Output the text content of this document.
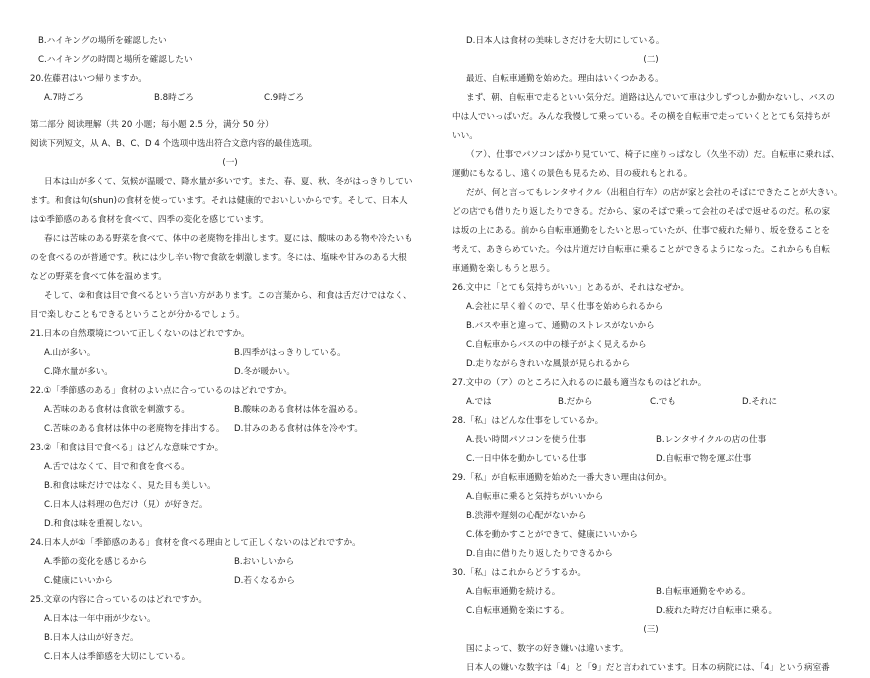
B.ハイキングの場所を確認したい
C.ハイキングの時間と場所を確認したい
20.佐藤君はいつ帰りますか。
A.7時ごろ	B.8時ごろ	C.9時ごろ
第二部分 阅读理解（共 20 小题；每小题 2.5 分，满分 50 分）
阅读下列短文，从 A、B、C、D 4 个选项中选出符合文意内容的最佳选项。
(一)
日本は山が多くて、気候が温暖で、降水量が多いです。また、春、夏、秋、冬がはっきりしてい
ます。和食は旬(shun)の食材を使っています。それは健康的でおいしいからです。そして、日本人
は①季節感のある食材を食べて、四季の変化を感じています。
春には苦味のある野菜を食べて、体中の老廃物を排出します。夏には、酸味のある物や冷たいも
のを食べるのが普通です。秋には少し辛い物で食欲を刺激します。冬には、塩味や甘みのある大根
などの野菜を食べて体を温めます。
そして、②和食は目で食べるという言い方があります。この言葉から、和食は舌だけではなく、
目で楽しむこともできるということが分かるでしょう。
21.日本の自然環境について正しくないのはどれですか。
A.山が多い。	B.四季がはっきりしている。
C.降水量が多い。	D.冬が暖かい。
22.①「季節感のある」食材のよい点に合っているのはどれですか。
A.苦味のある食材は食欲を刺激する。	B.酸味のある食材は体を温める。
C.苦味のある食材は体中の老廃物を排出する。	D.甘みのある食材は体を冷やす。
23.②「和食は目で食べる」はどんな意味ですか。
A.舌ではなくて、目で和食を食べる。
B.和食は味だけではなく、見た目も美しい。
C.日本人は料理の色だけ（見）が好きだ。
D.和食は味を重視しない。
24.日本人が①「季節感のある」食材を食べる理由として正しくないのはどれですか。
A.季節の変化を感じるから	B.おいしいから
C.健康にいいから	D.若くなるから
25.文章の内容に合っているのはどれですか。
A.日本は一年中雨が少ない。
B.日本人は山が好きだ。
C.日本人は季節感を大切にしている。
D.日本人は食材の美味しさだけを大切にしている。
(二)
最近、自転車通勤を始めた。理由はいくつかある。
まず、朝、自転車で走るといい気分だ。道路は込んでいて車は少しずつしか動かないし、バスの
中は人でいっぱいだ。みんな我慢して乗っている。その横を自転車で走っていくととても気持ちが
いい。
（ア）、仕事でパソコンばかり見ていて、椅子に座りっぱなし（久坐不动）だ。自転車に乗れば、
運動にもなるし、遠くの景色も見るため、目の疲れもとれる。
だが、何と言ってもレンタサイクル（出租自行车）の店が家と会社のそばにできたことが大きい。
どの店でも借りたり返したりできる。だから、家のそばで乗って会社のそばで返せるのだ。私の家
は坂の上にある。前から自転車通勤をしたいと思っていたが、仕事で疲れた帰り、坂を登ることを
考えて、あきらめていた。今は片道だけ自転車に乗ることができるようになった。これからも自転
車通勤を楽しもうと思う。
26.文中に「とても気持ちがいい」とあるが、それはなぜか。
A.会社に早く着くので、早く仕事を始められるから
B.バスや車と違って、通勤のストレスがないから
C.自転車からバスの中の様子がよく見えるから
D.走りながらきれいな風景が見られるから
27.文中の（ア）のところに入れるのに最も適当なものはどれか。
A.では	B.だから	C.でも	D.それに
28.「私」はどんな仕事をしているか。
A.長い時間パソコンを使う仕事	B.レンタサイクルの店の仕事
C.一日中体を動かしている仕事	D.自転車で物を運ぶ仕事
29.「私」が自転車通勤を始めた一番大きい理由は何か。
A.自転車に乗ると気持ちがいいから
B.渋滞や遅刻の心配がないから
C.体を動かすことができて、健康にいいから
D.自由に借りたり返したりできるから
30.「私」はこれからどうするか。
A.自転車通勤を続ける。	B.自転車通勤をやめる。
C.自転車通勤を楽にする。	D.疲れた時だけ自転車に乗る。
(三)
国によって、数字の好き嫌いは違います。
日本人の嫌いな数字は「4」と「9」だと言われています。日本の病院には、「4」という病室番
